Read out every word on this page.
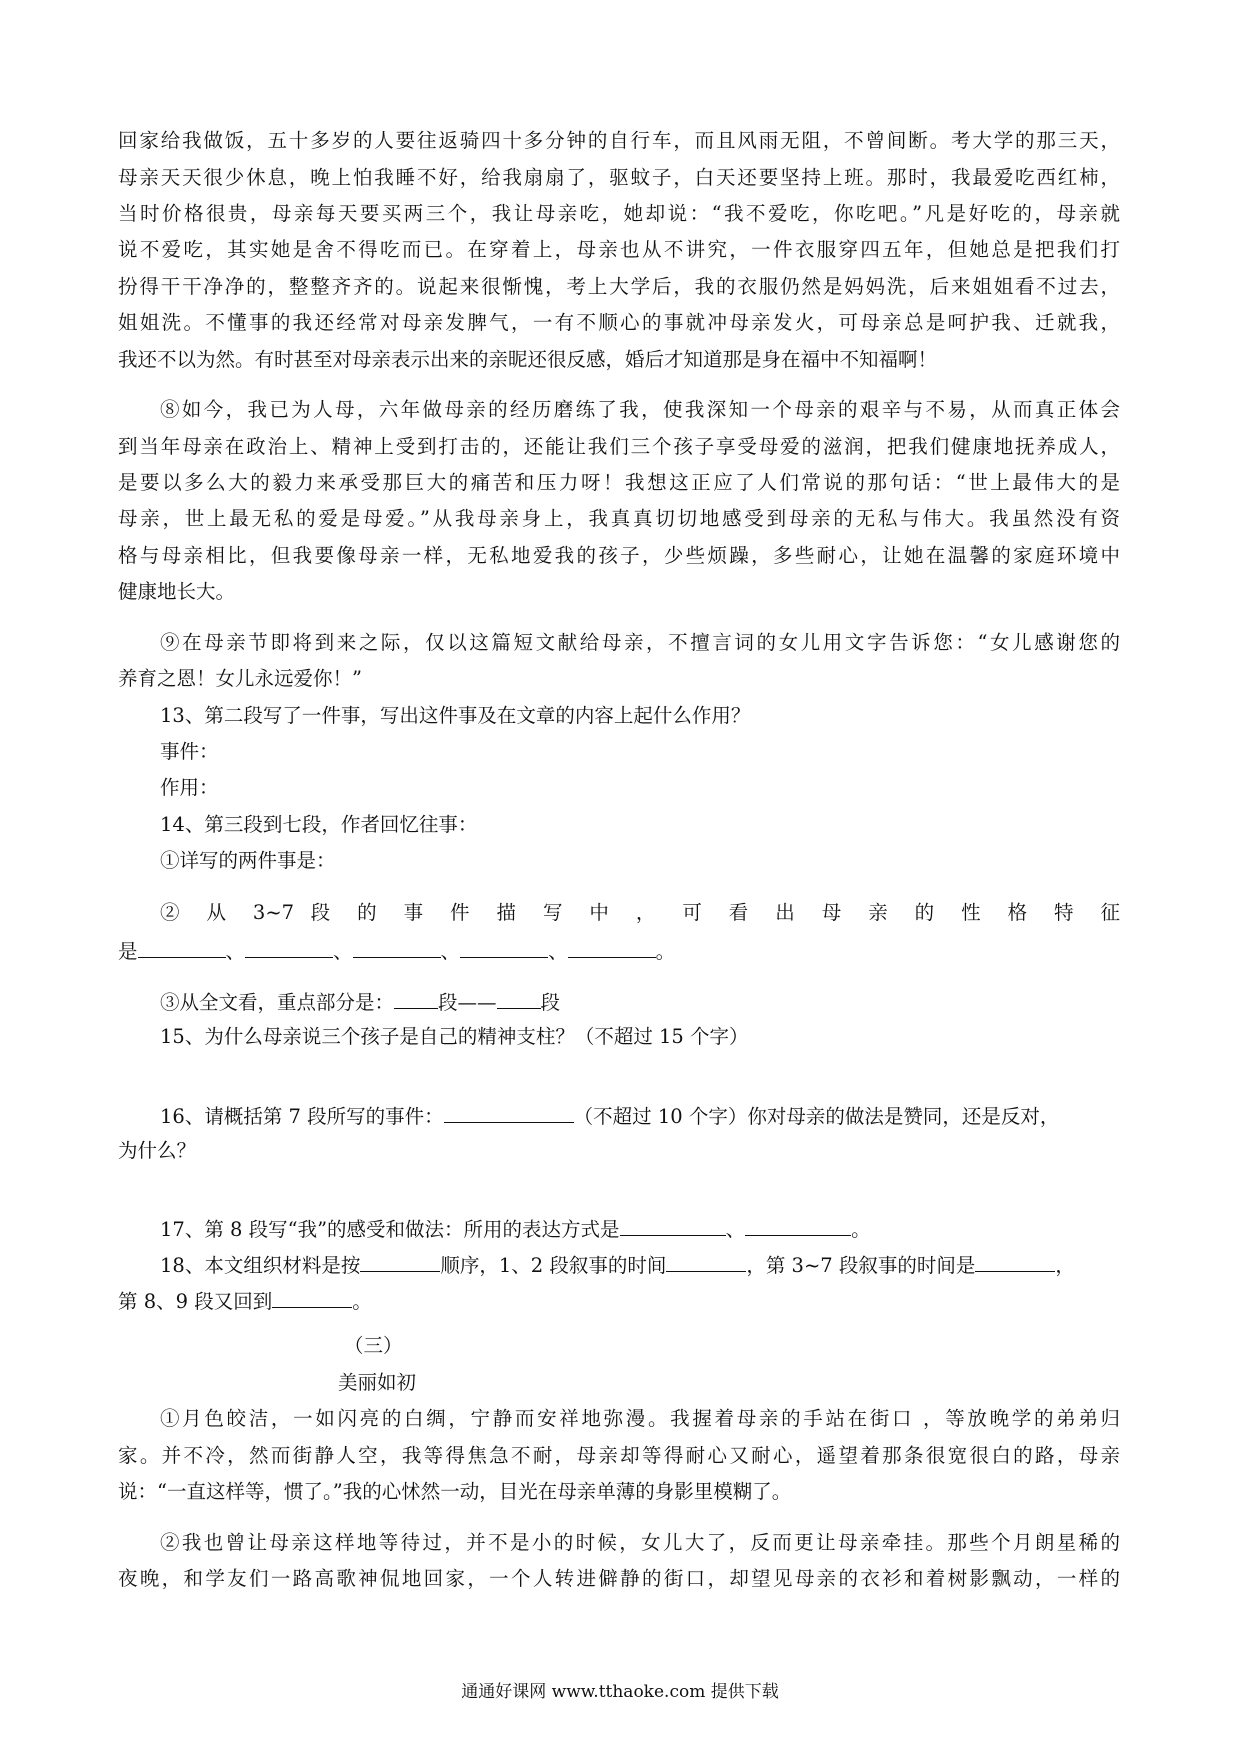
回家给我做饭，五十多岁的人要往返骑四十多分钟的自行车，而且风雨无阻，不曾间断。考大学的那三天，
母亲天天很少休息，晚上怕我睡不好，给我扇扇了，驱蚊子，白天还要坚持上班。那时，我最爱吃西红柿，
当时价格很贵，母亲每天要买两三个，我让母亲吃，她却说：“我不爱吃，你吃吧。”凡是好吃的，母亲就
说不爱吃，其实她是舍不得吃而已。在穿着上，母亲也从不讲究，一件衣服穿四五年，但她总是把我们打
扮得干干净净的，整整齐齐的。说起来很惭愧，考上大学后，我的衣服仍然是妈妈洗，后来姐姐看不过去，
姐姐洗。不懂事的我还经常对母亲发脾气，一有不顺心的事就冲母亲发火，可母亲总是呵护我、迁就我，
我还不以为然。有时甚至对母亲表示出来的亲昵还很反感，婚后才知道那是身在福中不知福啊！
⑧如今，我已为人母，六年做母亲的经历磨练了我，使我深知一个母亲的艰辛与不易，从而真正体会
到当年母亲在政治上、精神上受到打击的，还能让我们三个孩子享受母爱的滋润，把我们健康地抚养成人，
是要以多么大的毅力来承受那巨大的痛苦和压力呀！我想这正应了人们常说的那句话：“世上最伟大的是
母亲，世上最无私的爱是母爱。”从我母亲身上，我真真切切地感受到母亲的无私与伟大。我虽然没有资
格与母亲相比，但我要像母亲一样，无私地爱我的孩子，少些烦躁，多些耐心，让她在温馨的家庭环境中
健康地长大。
⑨在母亲节即将到来之际，仅以这篇短文献给母亲，不擅言词的女儿用文字告诉您：“女儿感谢您的
养育之恩！女儿永远爱你！”
13、第二段写了一件事，写出这件事及在文章的内容上起什么作用？
事件：
作用：
14、第三段到七段，作者回忆往事：
①详写的两件事是：
② 从 3~7 段 的 事 件 描 写 中 ， 可 看 出 母 亲 的 性 格 特 征
是	、	、	、	、	。
③从全文看，重点部分是： 段—— 段
15、为什么母亲说三个孩子是自己的精神支柱？（不超过 15 个字）
16、请概括第 7 段所写的事件：	（不超过 10 个字）你对母亲的做法是赞同，还是反对，
为什么？
17、第 8 段写“我”的感受和做法：所用的表达方式是	、	。
18、本文组织材料是按	顺序，1、2 段叙事的时间	，第 3~7 段叙事的时间是	，
第 8、9 段又回到	。
（三）
美丽如初
①月色皎洁，一如闪亮的白绸，宁静而安祥地弥漫。我握着母亲的手站在街口 ，等放晚学的弟弟归
家。并不冷，然而街静人空，我等得焦急不耐，母亲却等得耐心又耐心，遥望着那条很宽很白的路，母亲
说：“一直这样等，惯了。”我的心怵然一动，目光在母亲单薄的身影里模糊了。
②我也曾让母亲这样地等待过，并不是小的时候，女儿大了，反而更让母亲牵挂。那些个月朗星稀的
夜晚，和学友们一路高歌神侃地回家，一个人转进僻静的街口，却望见母亲的衣衫和着树影飘动，一样的
通通好课网 www.tthaoke.com 提供下载
